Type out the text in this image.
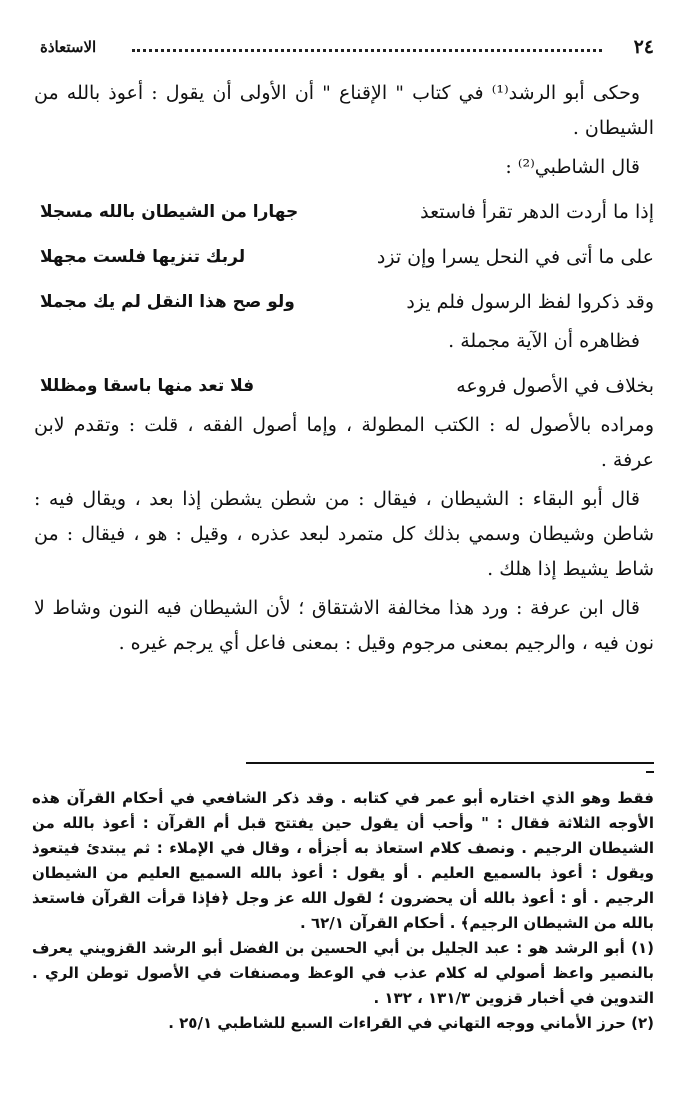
٢٤
الاستعاذة

وحكى أبو الرشد⁽¹⁾ في كتاب " الإقناع " أن الأولى أن يقول : أعوذ بالله من الشيطان .

قال الشاطبي⁽²⁾ :

إذا ما أردت الدهر تقرأ فاستعذ
جهارا من الشيطان بالله مسجلا
على ما أتى في النحل يسرا وإن تزد
لربك تنزيها فلست مجهلا
وقد ذكروا لفظ الرسول فلم يزد
ولو صح هذا النقل لم يك مجملا

فظاهره أن الآية مجملة .

بخلاف في الأصول فروعه
فلا تعد منها باسقا ومظللا

ومراده بالأصول له : الكتب المطولة ، وإما أصول الفقه ، قلت : وتقدم لابن عرفة .

قال أبو البقاء : الشيطان ، فيقال : من شطن يشطن إذا بعد ، ويقال فيه : شاطن وشيطان وسمي بذلك كل متمرد لبعد عذره ، وقيل : هو ، فيقال : من شاط يشيط إذا هلك .

قال ابن عرفة : ورد هذا مخالفة الاشتقاق ؛ لأن الشيطان فيه النون وشاط لا نون فيه ، والرجيم بمعنى مرجوم وقيل : بمعنى فاعل أي يرجم غيره .

فقط وهو الذي اختاره أبو عمر في كتابه . وقد ذكر الشافعي في أحكام القرآن هذه الأوجه الثلاثة فقال : " وأحب أن يقول حين يفتتح قبل أم القرآن : أعوذ بالله من الشيطان الرجيم . ونصف كلام استعاذ به أجزأه ، وقال في الإملاء : ثم يبتدئ فيتعوذ ويقول : أعوذ بالسميع العليم . أو يقول : أعوذ بالله السميع العليم من الشيطان الرجيم . أو : أعوذ بالله أن يحضرون ؛ لقول الله عز وجل ﴿فإذا قرأت القرآن فاستعذ بالله من الشيطان الرجيم﴾ . أحكام القرآن ٦٢/١ .

(١) أبو الرشد هو : عبد الجليل بن أبي الحسين بن الفضل أبو الرشد القزويني يعرف بالنصير واعظ أصولي له كلام عذب في الوعظ ومصنفات في الأصول توطن الري . التدوين في أخبار قزوين ١٣١/٣ ، ١٣٢ .

(٢) حرز الأماني ووجه التهاني في القراءات السبع للشاطبي ٢٥/١ .
